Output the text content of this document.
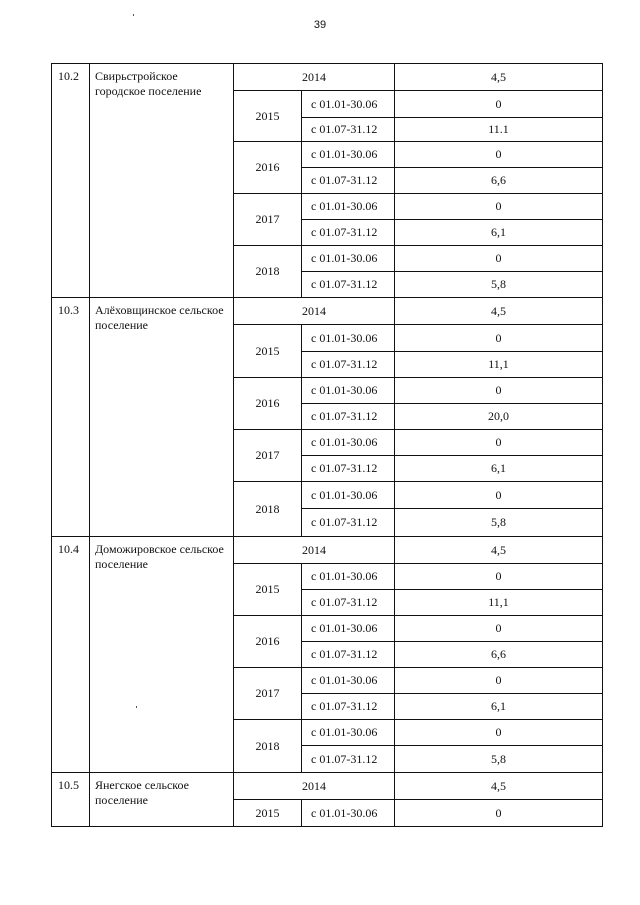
39
10.2	Свирьстройское городское поселение	2014		4,5
		2015	с 01.01-30.06	0
			с 01.07-31.12	11.1
		2016	с 01.01-30.06	0
			с 01.07-31.12	6,6
		2017	с 01.01-30.06	0
			с 01.07-31.12	6,1
		2018	с 01.01-30.06	0
			с 01.07-31.12	5,8
10.3	Алёховщинское сельское поселение	2014		4,5
		2015	с 01.01-30.06	0
			с 01.07-31.12	11,1
		2016	с 01.01-30.06	0
			с 01.07-31.12	20,0
		2017	с 01.01-30.06	0
			с 01.07-31.12	6,1
		2018	с 01.01-30.06	0
			с 01.07-31.12	5,8
10.4	Доможировское сельское поселение	2014		4,5
		2015	с 01.01-30.06	0
			с 01.07-31.12	11,1
		2016	с 01.01-30.06	0
			с 01.07-31.12	6,6
		2017	с 01.01-30.06	0
			с 01.07-31.12	6,1
		2018	с 01.01-30.06	0
			с 01.07-31.12	5,8
10.5	Янегское сельское поселение	2014		4,5
		2015	с 01.01-30.06	0
